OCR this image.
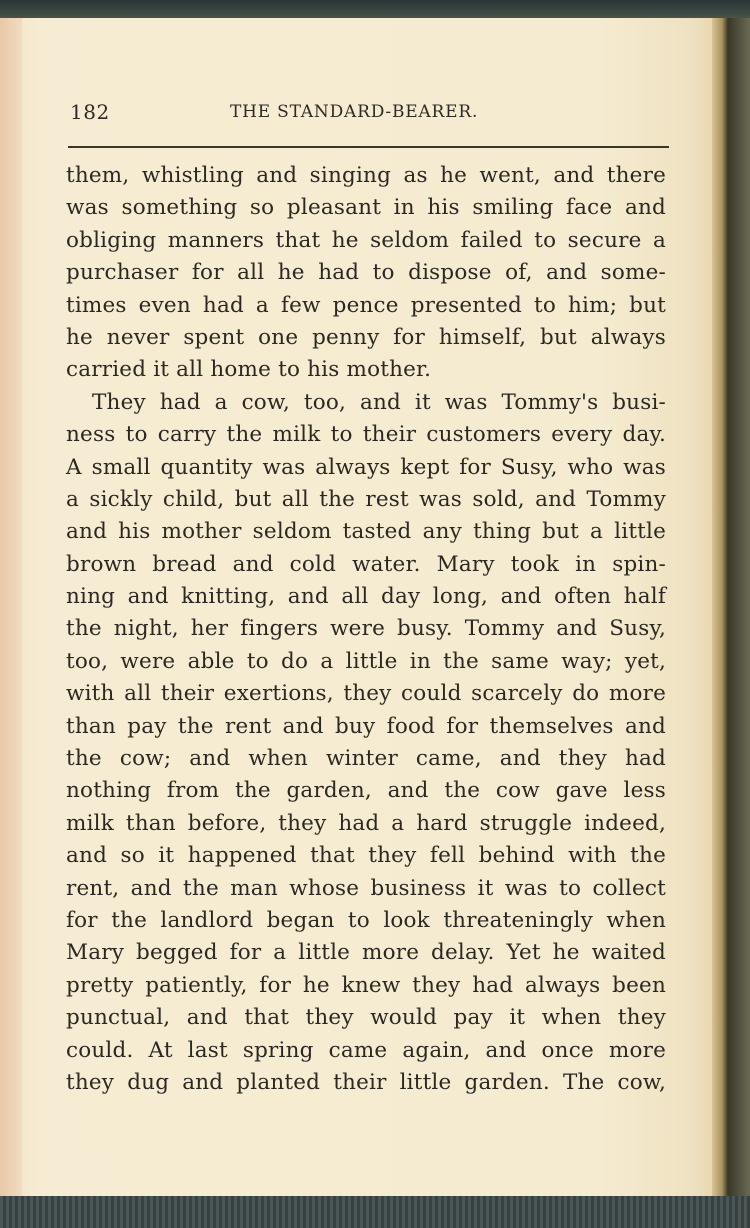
182	THE STANDARD-BEARER.
them, whistling and singing as he went, and there
was something so pleasant in his smiling face and
obliging manners that he seldom failed to secure a
purchaser for all he had to dispose of, and some-
times even had a few pence presented to him; but
he never spent one penny for himself, but always
carried it all home to his mother.
They had a cow, too, and it was Tommy's busi-
ness to carry the milk to their customers every day.
A small quantity was always kept for Susy, who was
a sickly child, but all the rest was sold, and Tommy
and his mother seldom tasted any thing but a little
brown bread and cold water. Mary took in spin-
ning and knitting, and all day long, and often half
the night, her fingers were busy. Tommy and Susy,
too, were able to do a little in the same way; yet,
with all their exertions, they could scarcely do more
than pay the rent and buy food for themselves and
the cow; and when winter came, and they had
nothing from the garden, and the cow gave less
milk than before, they had a hard struggle indeed,
and so it happened that they fell behind with the
rent, and the man whose business it was to collect
for the landlord began to look threateningly when
Mary begged for a little more delay. Yet he waited
pretty patiently, for he knew they had always been
punctual, and that they would pay it when they
could. At last spring came again, and once more
they dug and planted their little garden. The cow,
